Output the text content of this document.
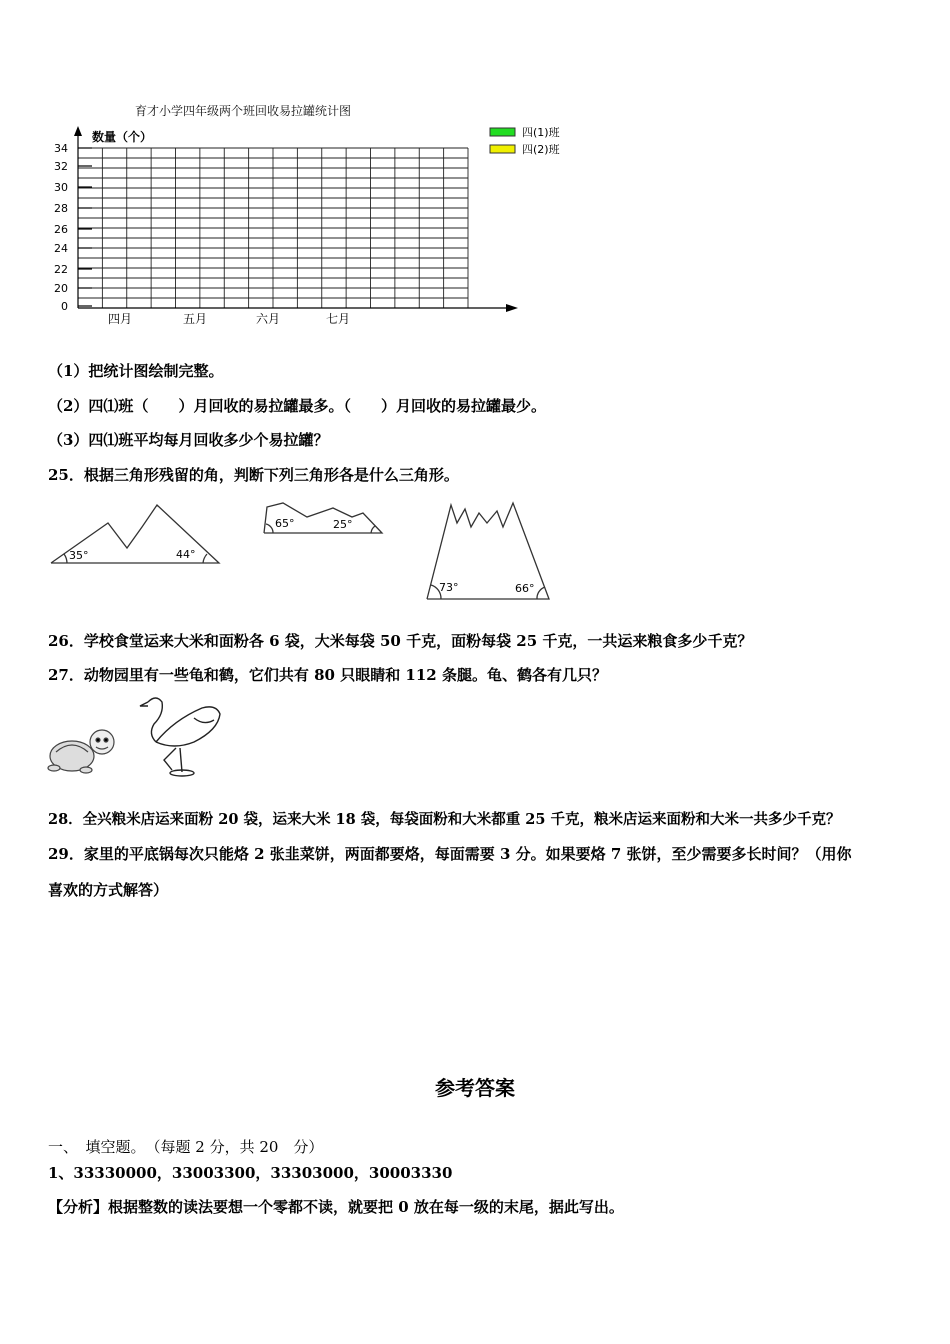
育才小学四年级两个班回收易拉罐统计图
数量（个）
34
32
30
28
26
24
22
20
0
四月	五月	六月	七月
四(1)班
四(2)班
（1）把统计图绘制完整。
（2）四⑴班（　　）月回收的易拉罐最多。（　　）月回收的易拉罐最少。
（3）四⑴班平均每月回收多少个易拉罐？
25．根据三角形残留的角，判断下列三角形各是什么三角形。
35°	44°
65°	25°
73°	66°
26．学校食堂运来大米和面粉各 6 袋，大米每袋 50 千克，面粉每袋 25 千克，一共运来粮食多少千克？
27．动物园里有一些龟和鹤，它们共有 80 只眼睛和 112 条腿。龟、鹤各有几只？
28．全兴粮米店运来面粉 20 袋，运来大米 18 袋，每袋面粉和大米都重 25 千克，粮米店运来面粉和大米一共多少千克？
29．家里的平底锅每次只能烙 2 张韭菜饼，两面都要烙，每面需要 3 分。如果要烙 7 张饼，至少需要多长时间？（用你
喜欢的方式解答）
参考答案
一、　填空题。　（每题 2 分，共 20　分）
1、33330000，33003300，33303000，30003330
【分析】根据整数的读法要想一个零都不读，就要把 0 放在每一级的末尾，据此写出。
